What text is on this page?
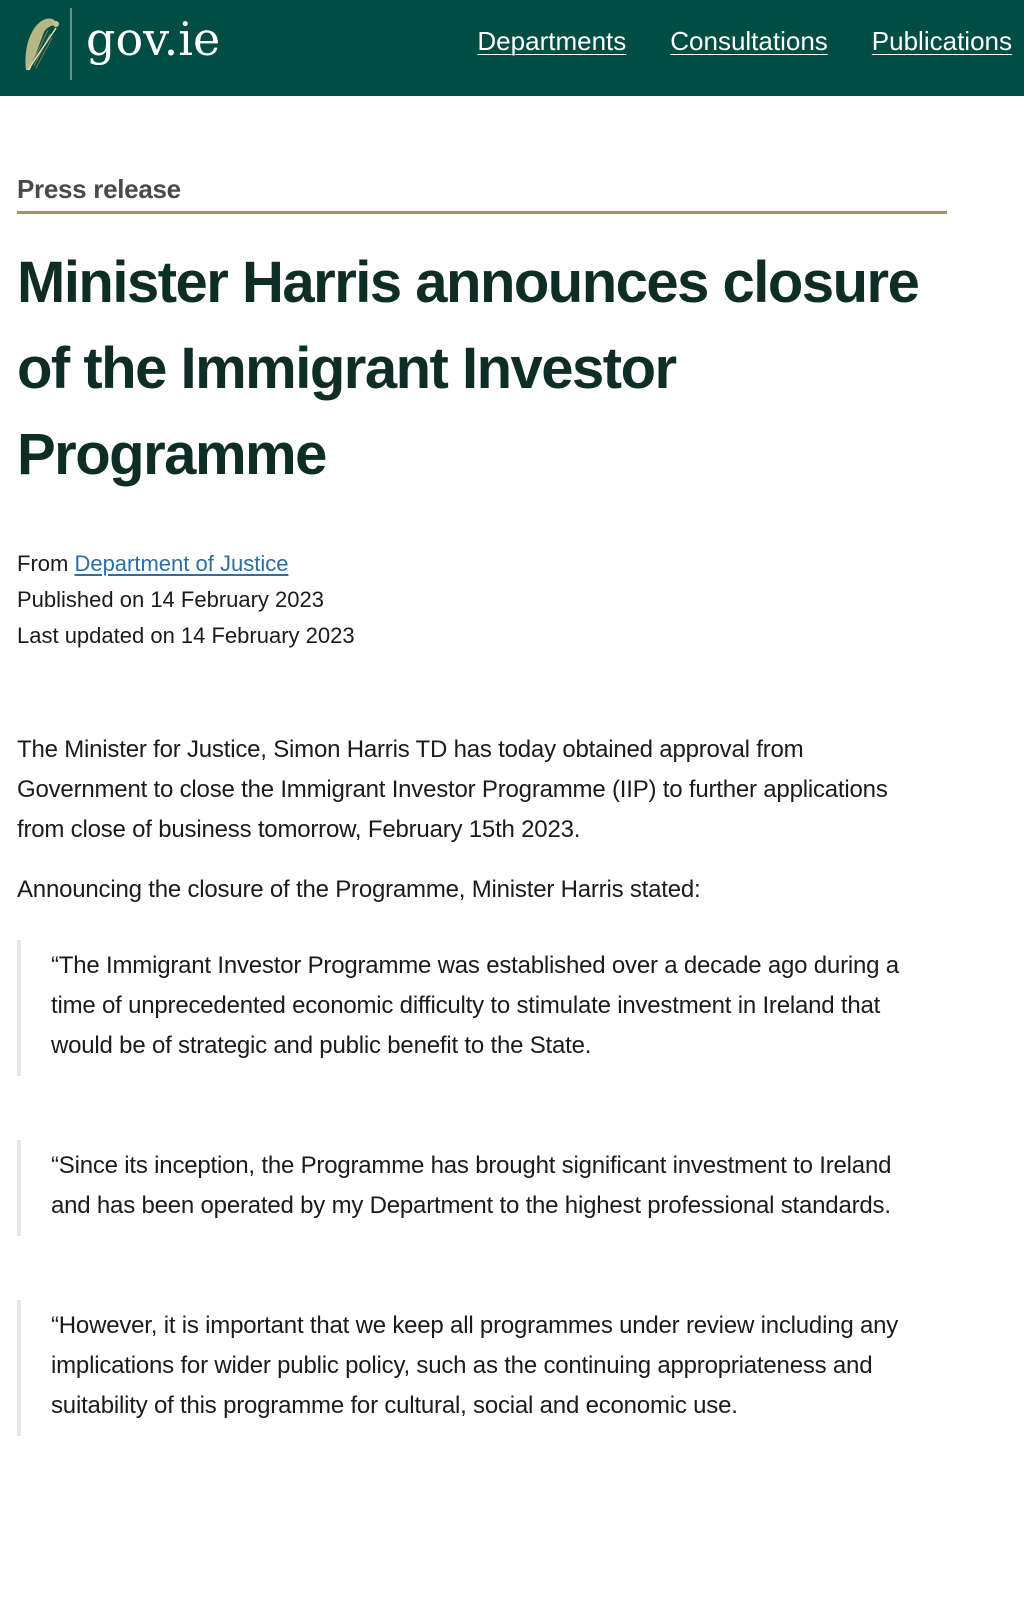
gov.ie	Departments Consultations Publications
Press release
Minister Harris announces closure of the Immigrant Investor Programme
From Department of Justice
Published on 14 February 2023
Last updated on 14 February 2023

The Minister for Justice, Simon Harris TD has today obtained approval from Government to close the Immigrant Investor Programme (IIP) to further applications from close of business tomorrow, February 15th 2023.

Announcing the closure of the Programme, Minister Harris stated:

“The Immigrant Investor Programme was established over a decade ago during a time of unprecedented economic difficulty to stimulate investment in Ireland that would be of strategic and public benefit to the State.
“Since its inception, the Programme has brought significant investment to Ireland and has been operated by my Department to the highest professional standards.
“However, it is important that we keep all programmes under review including any implications for wider public policy, such as the continuing appropriateness and suitability of this programme for cultural, social and economic use.
